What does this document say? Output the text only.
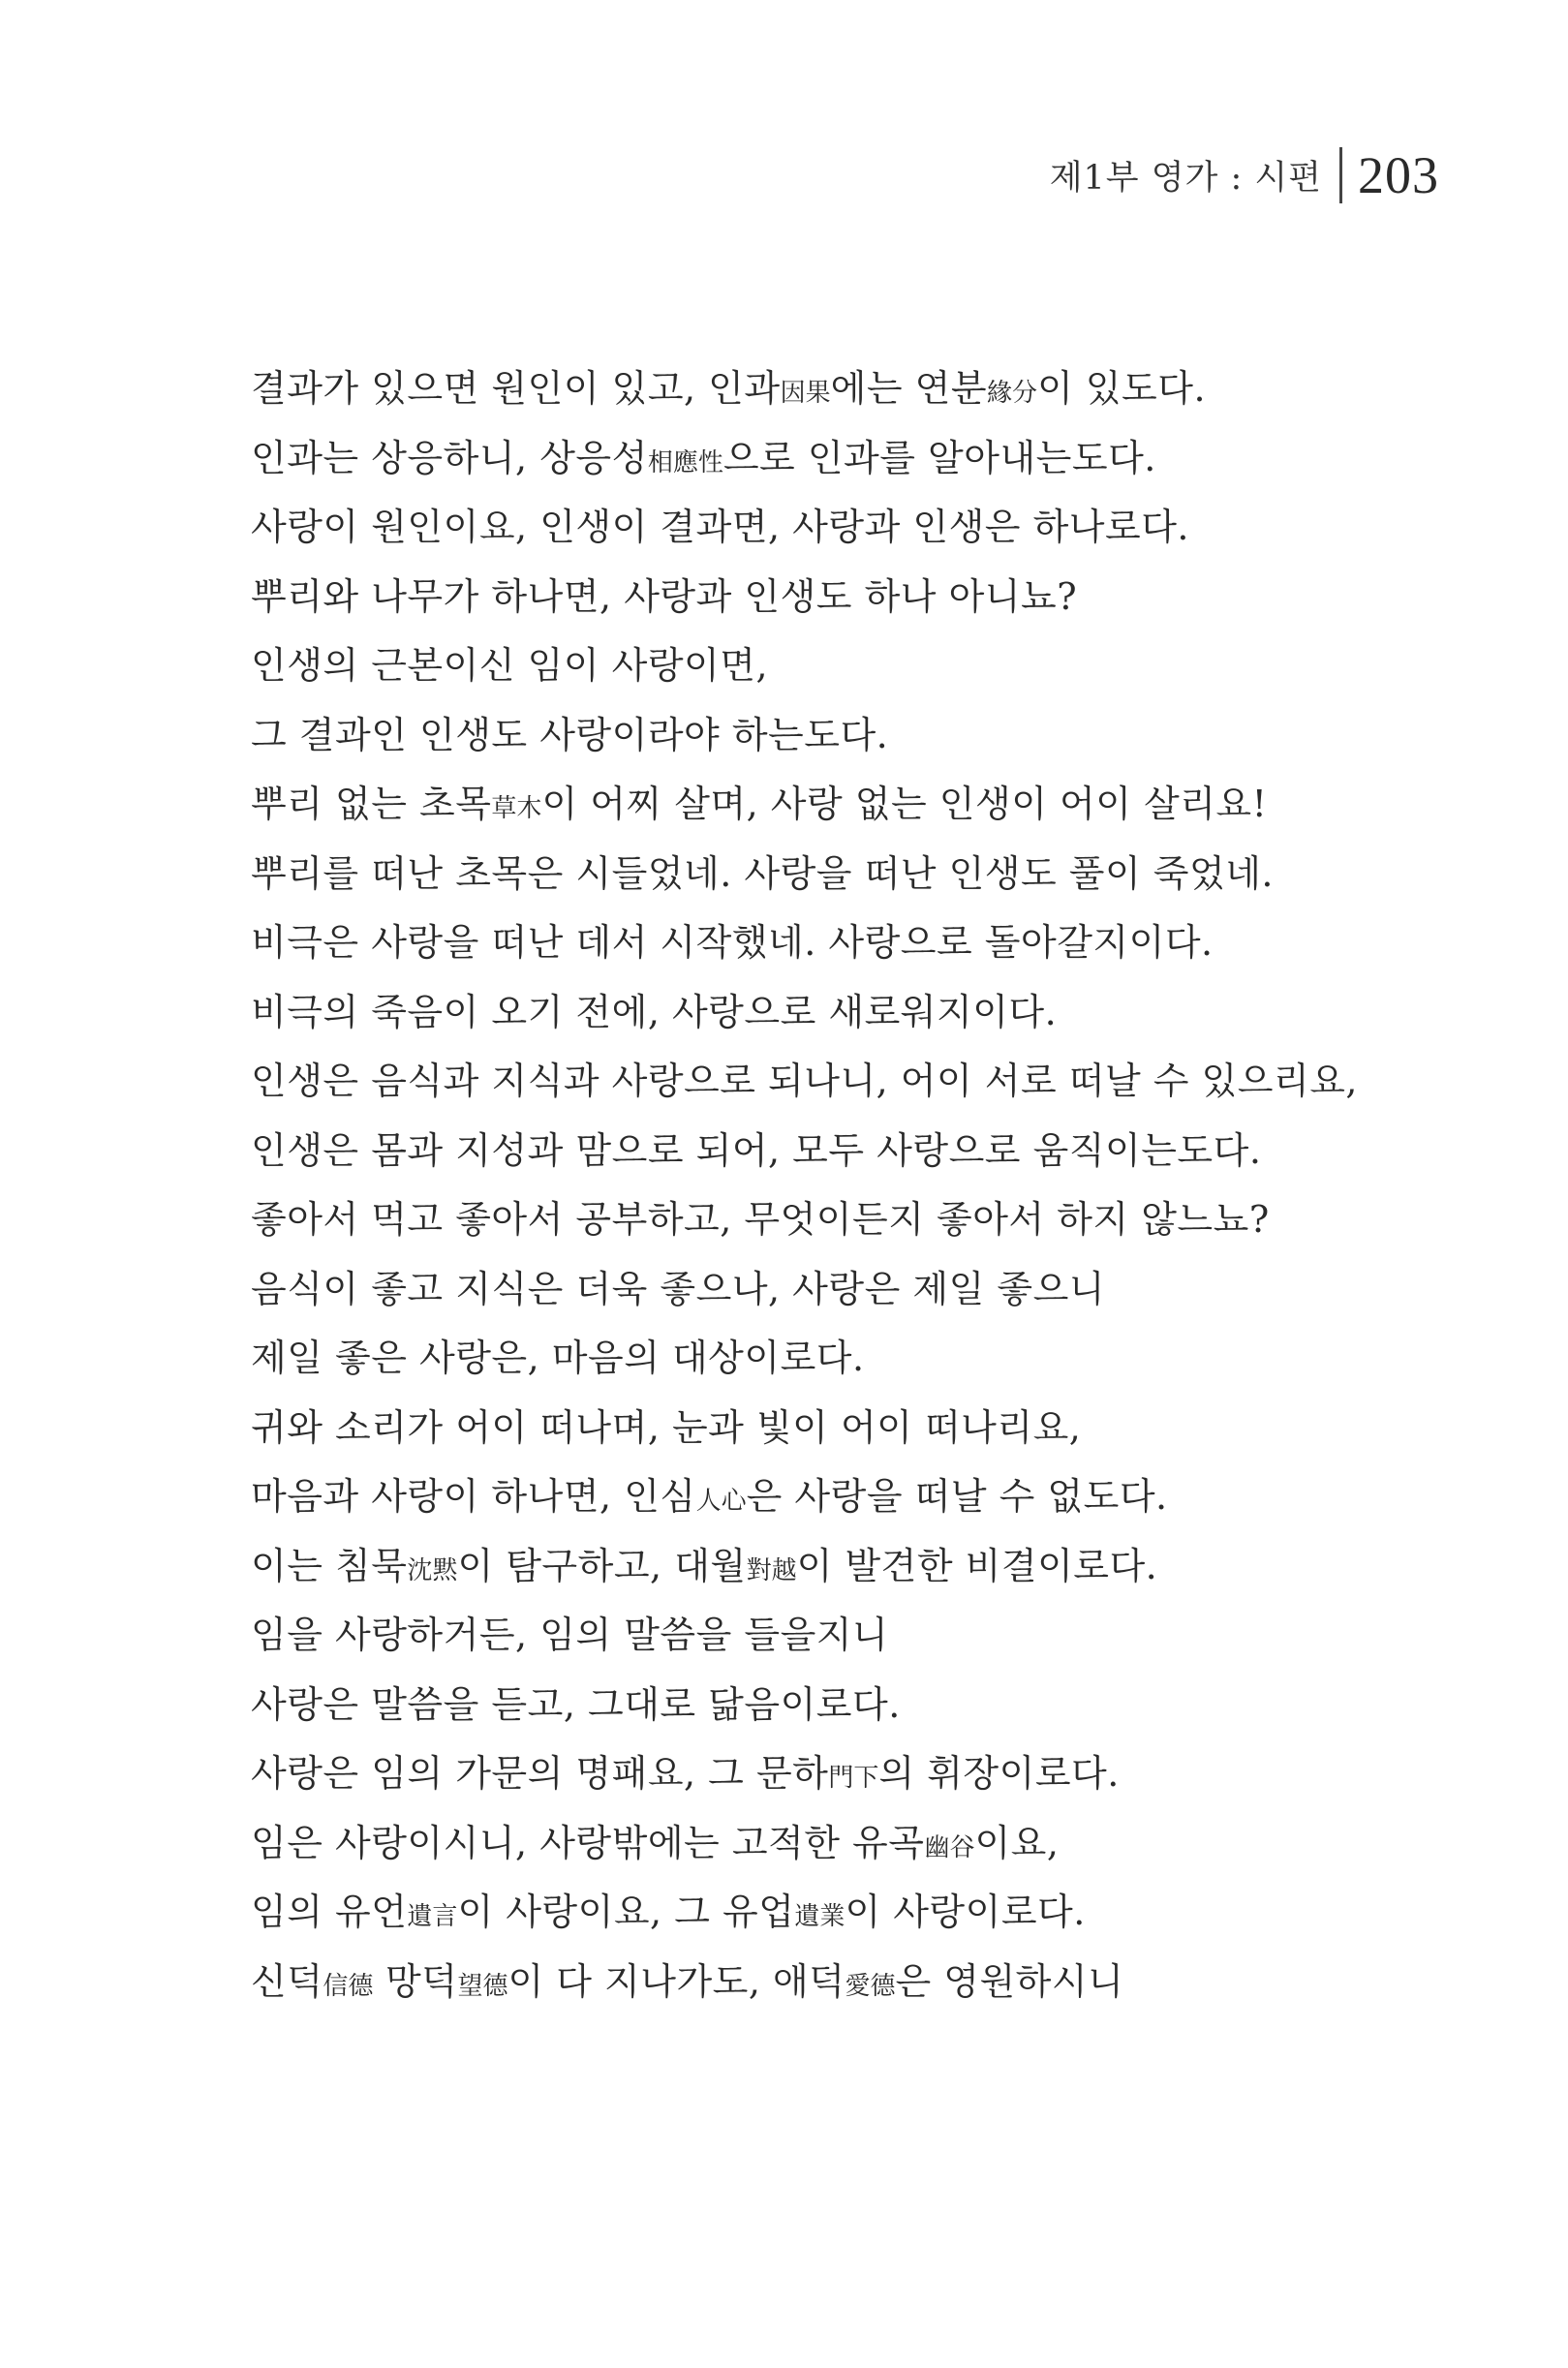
제1부 영가 : 시편 203
결과가 있으면 원인이 있고, 인과因果에는 연분緣分이 있도다.
인과는 상응하니, 상응성相應性으로 인과를 알아내는도다.
사랑이 원인이요, 인생이 결과면, 사랑과 인생은 하나로다.
뿌리와 나무가 하나면, 사랑과 인생도 하나 아니뇨?
인생의 근본이신 임이 사랑이면,
그 결과인 인생도 사랑이라야 하는도다.
뿌리 없는 초목草木이 어찌 살며, 사랑 없는 인생이 어이 살리요!
뿌리를 떠난 초목은 시들었네. 사랑을 떠난 인생도 풀이 죽었네.
비극은 사랑을 떠난 데서 시작했네. 사랑으로 돌아갈지이다.
비극의 죽음이 오기 전에, 사랑으로 새로워지이다.
인생은 음식과 지식과 사랑으로 되나니, 어이 서로 떠날 수 있으리요,
인생은 몸과 지성과 맘으로 되어, 모두 사랑으로 움직이는도다.
좋아서 먹고 좋아서 공부하고, 무엇이든지 좋아서 하지 않느뇨?
음식이 좋고 지식은 더욱 좋으나, 사랑은 제일 좋으니
제일 좋은 사랑은, 마음의 대상이로다.
귀와 소리가 어이 떠나며, 눈과 빛이 어이 떠나리요,
마음과 사랑이 하나면, 인심人心은 사랑을 떠날 수 없도다.
이는 침묵沈黙이 탐구하고, 대월對越이 발견한 비결이로다.
임을 사랑하거든, 임의 말씀을 들을지니
사랑은 말씀을 듣고, 그대로 닮음이로다.
사랑은 임의 가문의 명패요, 그 문하門下의 휘장이로다.
임은 사랑이시니, 사랑밖에는 고적한 유곡幽谷이요,
임의 유언遺言이 사랑이요, 그 유업遺業이 사랑이로다.
신덕信德 망덕望德이 다 지나가도, 애덕愛德은 영원하시니
